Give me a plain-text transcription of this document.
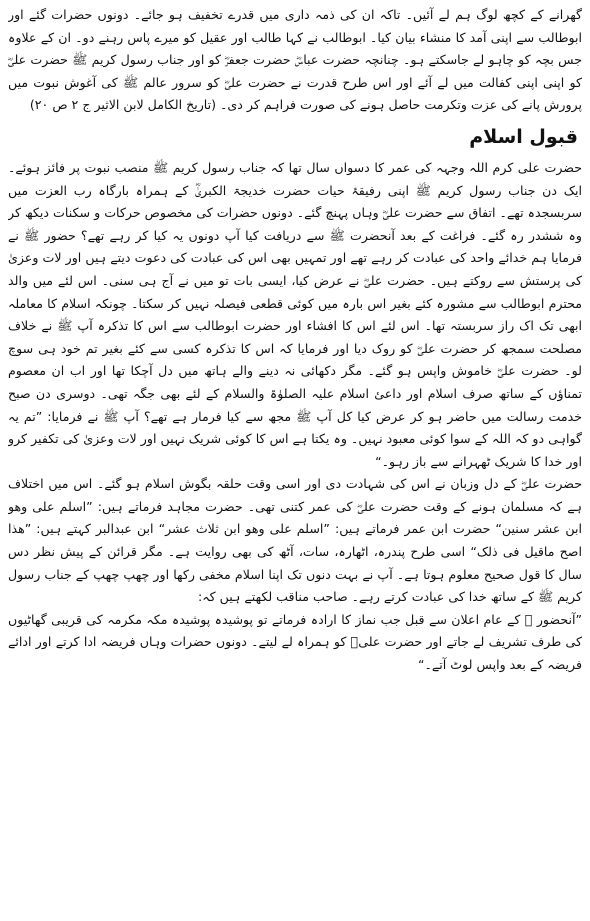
گھرانے کے کچھ لوگ ہم لے آئیں۔ تاکہ ان کی ذمہ داری میں قدرے تخفیف ہو جائے۔ دونوں حضرات گئے اور ابوطالب سے اپنی آمد کا منشاء بیان کیا۔ ابوطالب نے کہا طالب اور عقیل کو میرے پاس رہنے دو۔ ان کے علاوہ جس بچہ کو چاہو لے جاسکتے ہو۔ چنانچہ حضرت عباسؓ حضرت جعفرؓ کو اور جناب رسول کریم ﷺ حضرت علیؓ کو اپنی اپنی کفالت میں لے آئے اور اس طرح قدرت نے حضرت علیؓ کو سرور عالم ﷺ کی آغوش نبوت میں پرورش پانے کی عزت وتکرمت حاصل ہونے کی صورت فراہم کر دی۔ (تاریخ الکامل لابن الاثیر ج ۲ ص ۲۰)

قبول اسلام

حضرت علی کرم اللہ وجہہ کی عمر کا دسواں سال تھا کہ جناب رسول کریم ﷺ منصب نبوت پر فائز ہوئے۔ ایک دن جناب رسول کریم ﷺ اپنی رفیقۂ حیات حضرت خدیجۃ الکبریٰؓ کے ہمراہ بارگاہ رب العزت میں سربسجدہ تھے۔ اتفاق سے حضرت علیؓ وہاں پہنچ گئے۔ دونوں حضرات کی مخصوص حرکات و سکنات دیکھ کر وہ ششدر رہ گئے۔ فراغت کے بعد آنحضرت ﷺ سے دریافت کیا آپ دونوں یہ کیا کر رہے تھے؟ حضور ﷺ نے فرمایا ہم خدائے واحد کی عبادت کر رہے تھے اور تمہیں بھی اس کی عبادت کی دعوت دیتے ہیں اور لات وعزیٰ کی پرستش سے روکتے ہیں۔ حضرت علیؓ نے عرض کیا، ایسی بات تو میں نے آج ہی سنی۔ اس لئے میں والد محترم ابوطالب سے مشورہ کئے بغیر اس بارہ میں کوئی قطعی فیصلہ نہیں کر سکتا۔ چونکہ اسلام کا معاملہ ابھی تک اک راز سربستہ تھا۔ اس لئے اس کا افشاء اور حضرت ابوطالب سے اس کا تذکرہ آپ ﷺ نے خلاف مصلحت سمجھ کر حضرت علیؓ کو روک دیا اور فرمایا کہ اس کا تذکرہ کسی سے کئے بغیر تم خود ہی سوچ لو۔ حضرت علیؓ خاموش واپس ہو گئے۔ مگر دکھائی نہ دینے والے ہاتھ میں دل آچکا تھا اور اب ان معصوم تمناؤں کے ساتھ صرف اسلام اور داعئ اسلام علیہ الصلوٰۃ والسلام کے لئے بھی جگہ تھی۔ دوسری دن صبح خدمت رسالت میں حاضر ہو کر عرض کیا کل آپ ﷺ مجھ سے کیا فرمار ہے تھے؟ آپ ﷺ نے فرمایا: ”تم یہ گواہی دو کہ اللہ کے سوا کوئی معبود نہیں۔ وہ یکتا ہے اس کا کوئی شریک نہیں اور لات وعزیٰ کی تکفیر کرو اور خدا کا شریک ٹھہرانے سے باز رہو۔“

حضرت علیؓ کے دل وزبان نے اس کی شہادت دی اور اسی وقت حلقہ بگوش اسلام ہو گئے۔ اس میں اختلاف ہے کہ مسلمان ہونے کے وقت حضرت علیؓ کی عمر کتنی تھی۔ حضرت مجاہد فرماتے ہیں: ”اسلم علی وھو ابن عشر سنین“ حضرت ابن عمر فرماتے ہیں: ”اسلم علی وھو ابن ثلاث عشر“ ابن عبدالبر کہتے ہیں: ”ھذا اصح ماقیل فی ذلک“ اسی طرح پندرہ، اٹھارہ، سات، آٹھ کی بھی روایت ہے۔ مگر قرائن کے پیش نظر دس سال کا قول صحیح معلوم ہوتا ہے۔ آپ نے بہت دنوں تک اپنا اسلام مخفی رکھا اور چھپ چھپ کے جناب رسول کریم ﷺ کے ساتھ خدا کی عبادت کرتے رہے۔ صاحب مناقب لکھتے ہیں کہ:

”آنحضور ﷺ کے عام اعلان سے قبل جب نماز کا ارادہ فرماتے تو پوشیدہ پوشیدہ مکہ مکرمہ کی قریبی گھاٹیوں کی طرف تشریف لے جاتے اور حضرت علیؓ کو ہمراہ لے لیتے۔ دونوں حضرات وہاں فریضہ ادا کرتے اور ادائے فریضہ کے بعد واپس لوٹ آتے۔“
